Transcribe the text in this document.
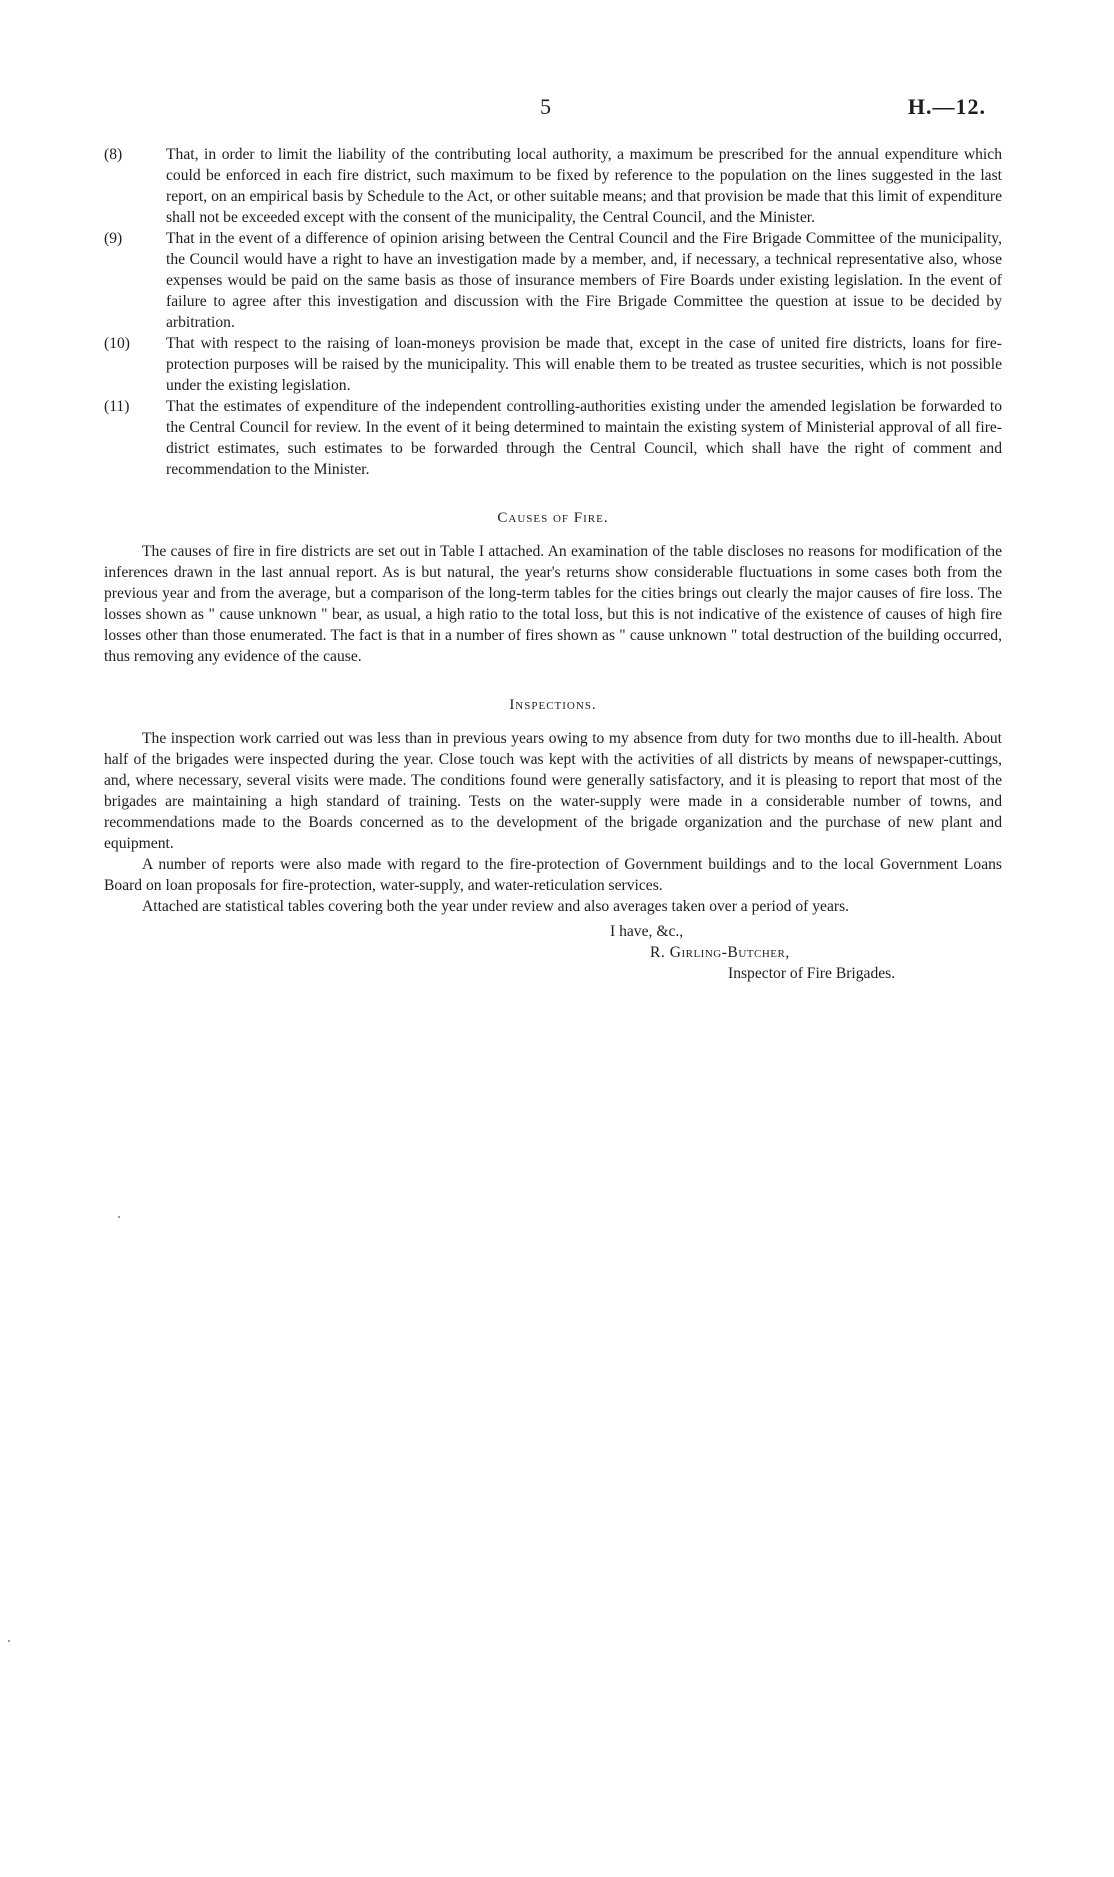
5	H.—12.
(8)	That, in order to limit the liability of the contributing local authority, a maximum be prescribed for the annual expenditure which could be enforced in each fire district, such maximum to be fixed by reference to the population on the lines suggested in the last report, on an empirical basis by Schedule to the Act, or other suitable means; and that provision be made that this limit of expenditure shall not be exceeded except with the consent of the municipality, the Central Council, and the Minister.

(9)	That in the event of a difference of opinion arising between the Central Council and the Fire Brigade Committee of the municipality, the Council would have a right to have an investigation made by a member, and, if necessary, a technical representative also, whose expenses would be paid on the same basis as those of insurance members of Fire Boards under existing legislation. In the event of failure to agree after this investigation and discussion with the Fire Brigade Committee the question at issue to be decided by arbitration.

(10)	That with respect to the raising of loan-moneys provision be made that, except in the case of united fire districts, loans for fire-protection purposes will be raised by the municipality. This will enable them to be treated as trustee securities, which is not possible under the existing legislation.

(11)	That the estimates of expenditure of the independent controlling-authorities existing under the amended legislation be forwarded to the Central Council for review. In the event of it being determined to maintain the existing system of Ministerial approval of all fire-district estimates, such estimates to be forwarded through the Central Council, which shall have the right of comment and recommendation to the Minister.

Causes of Fire.

The causes of fire in fire districts are set out in Table I attached. An examination of the table discloses no reasons for modification of the inferences drawn in the last annual report. As is but natural, the year's returns show considerable fluctuations in some cases both from the previous year and from the average, but a comparison of the long-term tables for the cities brings out clearly the major causes of fire loss. The losses shown as " cause unknown " bear, as usual, a high ratio to the total loss, but this is not indicative of the existence of causes of high fire losses other than those enumerated. The fact is that in a number of fires shown as " cause unknown " total destruction of the building occurred, thus removing any evidence of the cause.

Inspections.

The inspection work carried out was less than in previous years owing to my absence from duty for two months due to ill-health. About half of the brigades were inspected during the year. Close touch was kept with the activities of all districts by means of newspaper-cuttings, and, where necessary, several visits were made. The conditions found were generally satisfactory, and it is pleasing to report that most of the brigades are maintaining a high standard of training. Tests on the water-supply were made in a considerable number of towns, and recommendations made to the Boards concerned as to the development of the brigade organization and the purchase of new plant and equipment.

A number of reports were also made with regard to the fire-protection of Government buildings and to the local Government Loans Board on loan proposals for fire-protection, water-supply, and water-reticulation services.

Attached are statistical tables covering both the year under review and also averages taken over a period of years.

I have, &c.,
R. Girling-Butcher,
Inspector of Fire Brigades.
